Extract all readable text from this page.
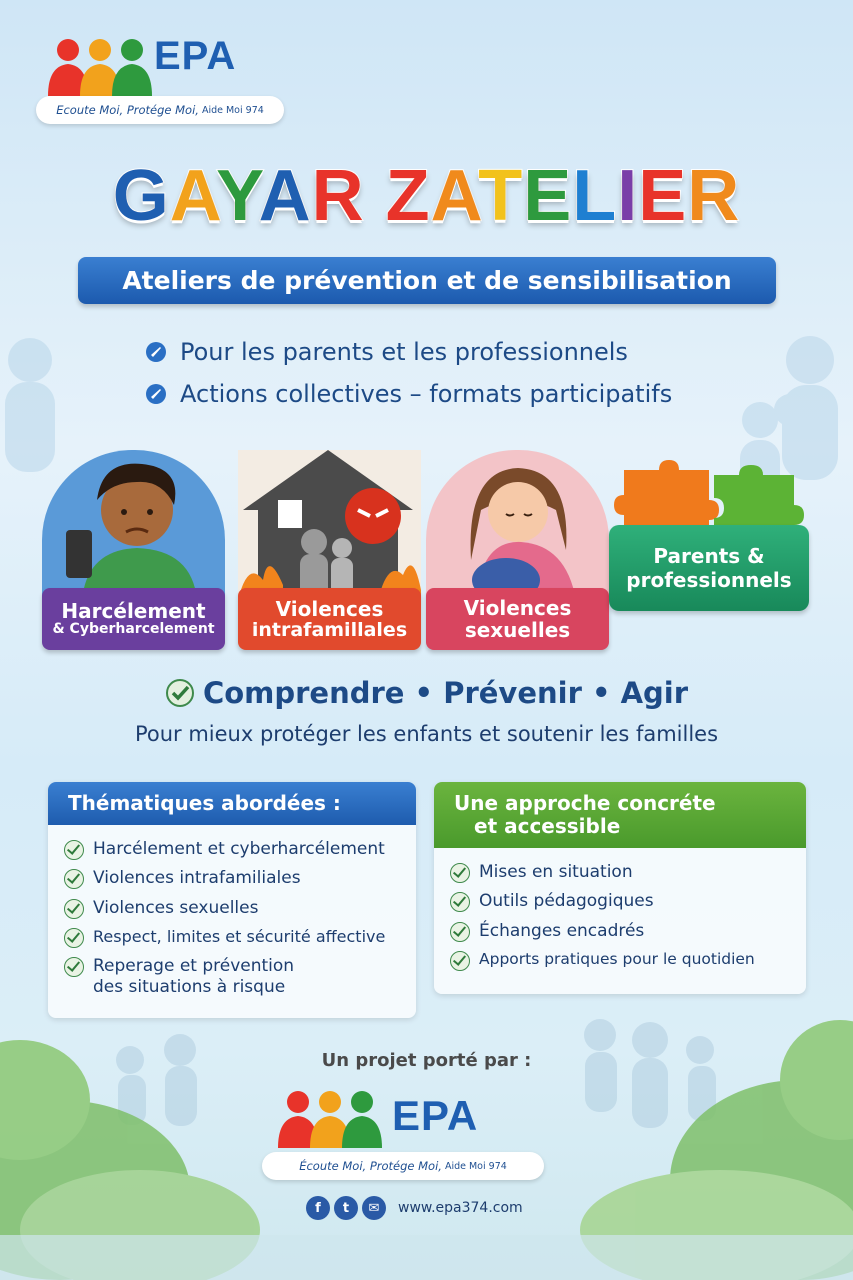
EPA
Ecoute Moi, Protége Moi, Aide Moi 974
GAYAR ZATELIER
Ateliers de prévention et de sensibilisation
Pour les parents et les professionnels
Actions collectives – formats participatifs
Harcélement
& Cyberharcelement
Violences
intrafamillales
Violences
sexuelles
Parents &
professionnels
Comprendre • Prévenir • Agir
Pour mieux protéger les enfants et soutenir les familles
Thématiques abordées :
Harcélement et cyberharcélement
Violences intrafamiliales
Violences sexuelles
Respect, limites et sécurité affective
Reperage et prévention des situations à risque
Une approche concréte
et accessible
Mises en situation
Outils pédagogiques
Échanges encadrés
Apports pratiques pour le quotidien
Un projet porté par :
EPA
Écoute Moi, Protége Moi, Aide Moi 974
f	t	✉	www.epa374.com
